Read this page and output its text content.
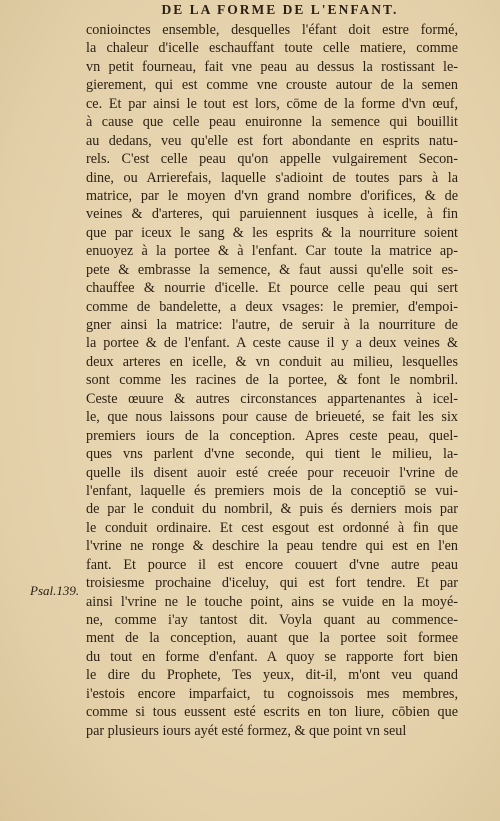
DE LA FORME DE L'ENFANT.
Psal.139.
conioinctes ensemble, desquelles l'éfant doit estre formé,
la chaleur d'icelle eschauffant toute celle matiere, comme
vn petit fourneau, fait vne peau au dessus la rostissant le-
gierement, qui est comme vne crouste autour de la semen
ce. Et par ainsi le tout est lors, cōme de la forme d'vn œuf,
à cause que celle peau enuironne la semence qui bouillit
au dedans, veu qu'elle est fort abondante en esprits natu-
rels. C'est celle peau qu'on appelle vulgairement Secon-
dine, ou Arrierefais, laquelle s'adioint de toutes pars à la
matrice, par le moyen d'vn grand nombre d'orifices, & de
veines & d'arteres, qui paruiennent iusques à icelle, à fin
que par iceux le sang & les esprits & la nourriture soient
enuoyez à la portee & à l'enfant. Car toute la matrice ap-
pete & embrasse la semence, & faut aussi qu'elle soit es-
chauffee & nourrie d'icelle. Et pource celle peau qui sert
comme de bandelette, a deux vsages: le premier, d'empoi-
gner ainsi la matrice: l'autre, de seruir à la nourriture de
la portee & de l'enfant. A ceste cause il y a deux veines &
deux arteres en icelle, & vn conduit au milieu, lesquelles
sont comme les racines de la portee, & font le nombril.
Ceste œuure & autres circonstances appartenantes à icel-
le, que nous laissons pour cause de brieueté, se fait les six
premiers iours de la conception. Apres ceste peau, quel-
ques vns parlent d'vne seconde, qui tient le milieu, la-
quelle ils disent auoir esté creée pour receuoir l'vrine de
l'enfant, laquelle és premiers mois de la conceptiō se vui-
de par le conduit du nombril, & puis és derniers mois par
le conduit ordinaire. Et cest esgout est ordonné à fin que
l'vrine ne ronge & deschire la peau tendre qui est en l'en
fant. Et pource il est encore couuert d'vne autre peau
troisiesme prochaine d'iceluy, qui est fort tendre. Et par
ainsi l'vrine ne le touche point, ains se vuide en la moyé-
ne, comme i'ay tantost dit. Voyla quant au commence-
ment de la conception, auant que la portee soit formee
du tout en forme d'enfant. A quoy se rapporte fort bien
le dire du Prophete, Tes yeux, dit-il, m'ont veu quand
i'estois encore imparfaict, tu cognoissois mes membres,
comme si tous eussent esté escrits en ton liure, cōbien que
par plusieurs iours ayét esté formez, & que point vn seul
